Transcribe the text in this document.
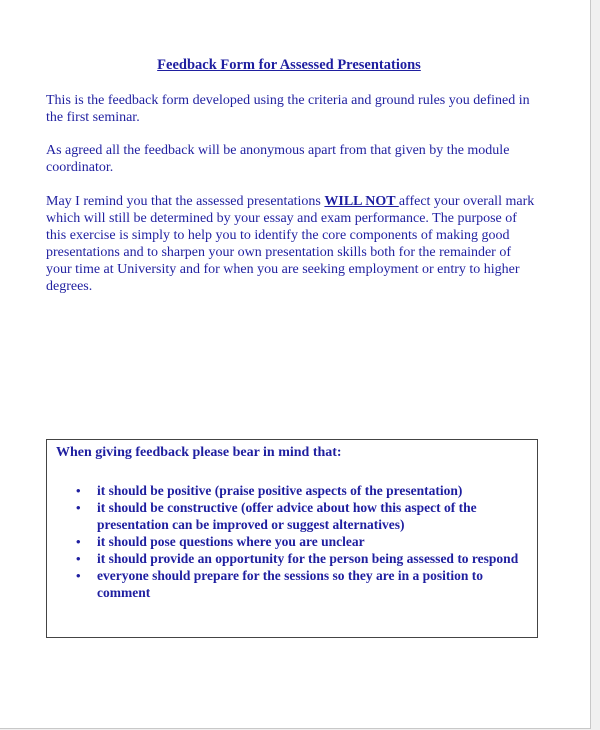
Feedback Form for Assessed Presentations

This is the feedback form developed using the criteria and ground rules you defined in the first seminar.

As agreed all the feedback will be anonymous apart from that given by the module coordinator.

May I remind you that the assessed presentations WILL NOT affect your overall mark which will still be determined by your essay and exam performance. The purpose of this exercise is simply to help you to identify the core components of making good presentations and to sharpen your own presentation skills both for the remainder of your time at University and for when you are seeking employment or entry to higher degrees.

When giving feedback please bear in mind that:
• it should be positive (praise positive aspects of the presentation)
• it should be constructive (offer advice about how this aspect of the presentation can be improved or suggest alternatives)
• it should pose questions where you are unclear
• it should provide an opportunity for the person being assessed to respond
• everyone should prepare for the sessions so they are in a position to comment
